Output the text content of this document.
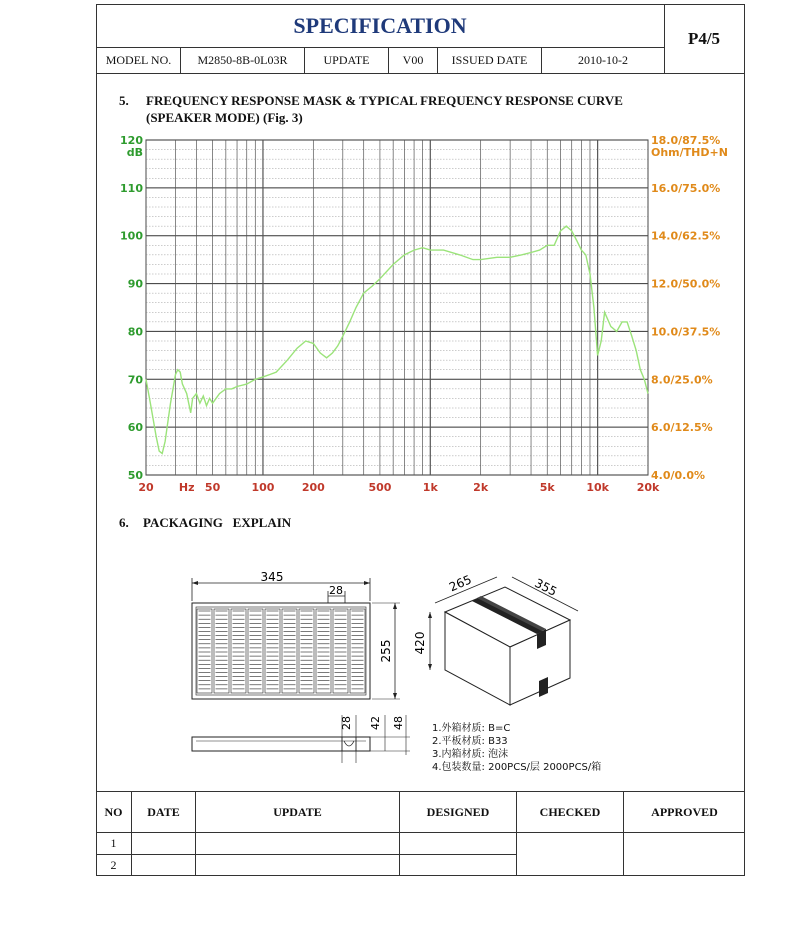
SPECIFICATION
P4/5
MODEL NO.	M2850-8B-0L03R	UPDATE	V00	ISSUED DATE	2010-10-2
5. FREQUENCY RESPONSE MASK & TYPICAL FREQUENCY RESPONSE CURVE
(SPEAKER MODE) (Fig. 3)
20 Hz 50	100 200	500	1k	2k	5k	10k	20k
120	18.0/87.5%
110	16.0/75.0%
100	14.0/62.5%
90	12.0/50.0%
80	10.0/37.5%
70	8.0/25.0%
60	6.0/12.5%
50	4.0/0.0%
dB	Ohm/THD+N
6. PACKAGING   EXPLAIN
345
28
255 420
265	355
28 42 48	1.外箱材质: B=C
2.平板材质: B33
3.内箱材质: 泡沫
4.包装数量: 200PCS/层 2000PCS/箱
NO	DATE	UPDATE	DESIGNED	CHECKED	APPROVED
1
2
